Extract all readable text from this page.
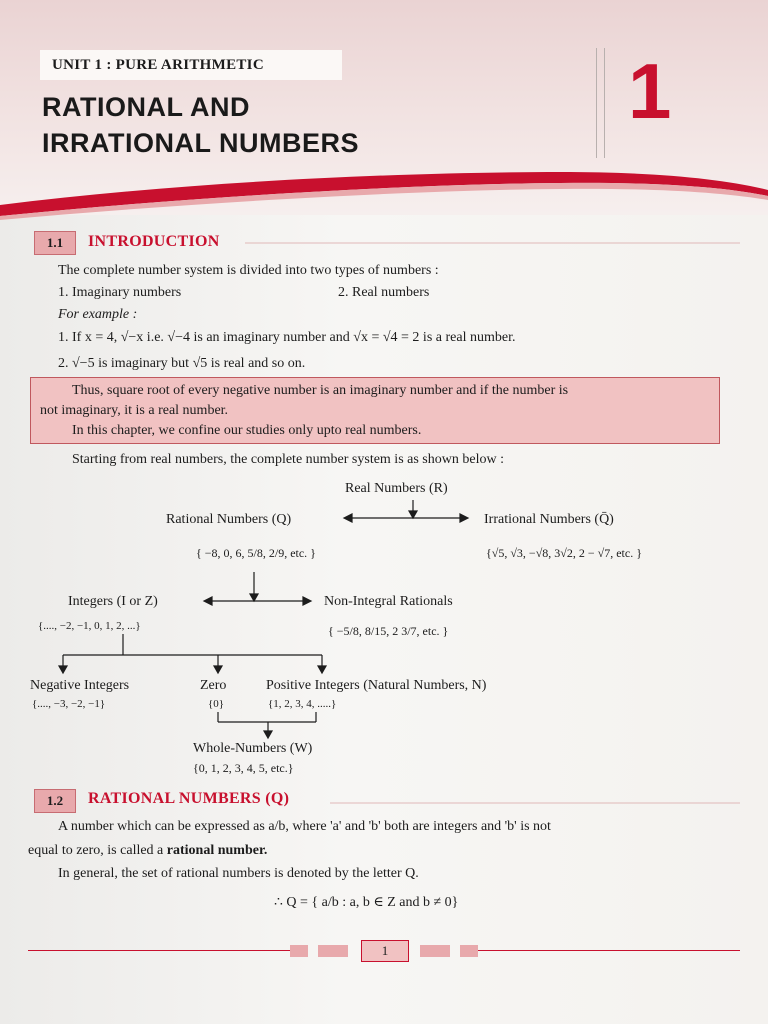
UNIT 1 : PURE ARITHMETIC
RATIONAL AND
IRRATIONAL NUMBERS
1
1.1	INTRODUCTION
The complete number system is divided into two types of numbers :
1. Imaginary numbers	2. Real numbers
For example :
1. If x = 4, √−x i.e. √−4 is an imaginary number and √x = √4 = 2 is a real number.
2. √−5 is imaginary but √5 is real and so on.
Thus, square root of every negative number is an imaginary number and if the number is
not imaginary, it is a real number.
In this chapter, we confine our studies only upto real numbers.
Starting from real numbers, the complete number system is as shown below :
Real Numbers (R)
Rational Numbers (Q)	Irrational Numbers (Q̄)
{ −8, 0, 6, 5/8, 2/9, etc. }	{√5, √3, −√8, 3√2, 2 − √7, etc. }
Integers (I or Z)	Non-Integral Rationals
{...., −2, −1, 0, 1, 2, ...}	{ −5/8, 8/15, 2 3/7, etc. }
Negative Integers	Zero	Positive Integers (Natural Numbers, N)
{...., −3, −2, −1}	{0}	{1, 2, 3, 4, .....}
Whole-Numbers (W)
{0, 1, 2, 3, 4, 5, etc.}
1.2	RATIONAL NUMBERS (Q)
A number which can be expressed as a/b, where 'a' and 'b' both are integers and 'b' is not
equal to zero, is called a rational number.
In general, the set of rational numbers is denoted by the letter Q.
∴ Q = { a/b : a, b ∈ Z and b ≠ 0}
1
